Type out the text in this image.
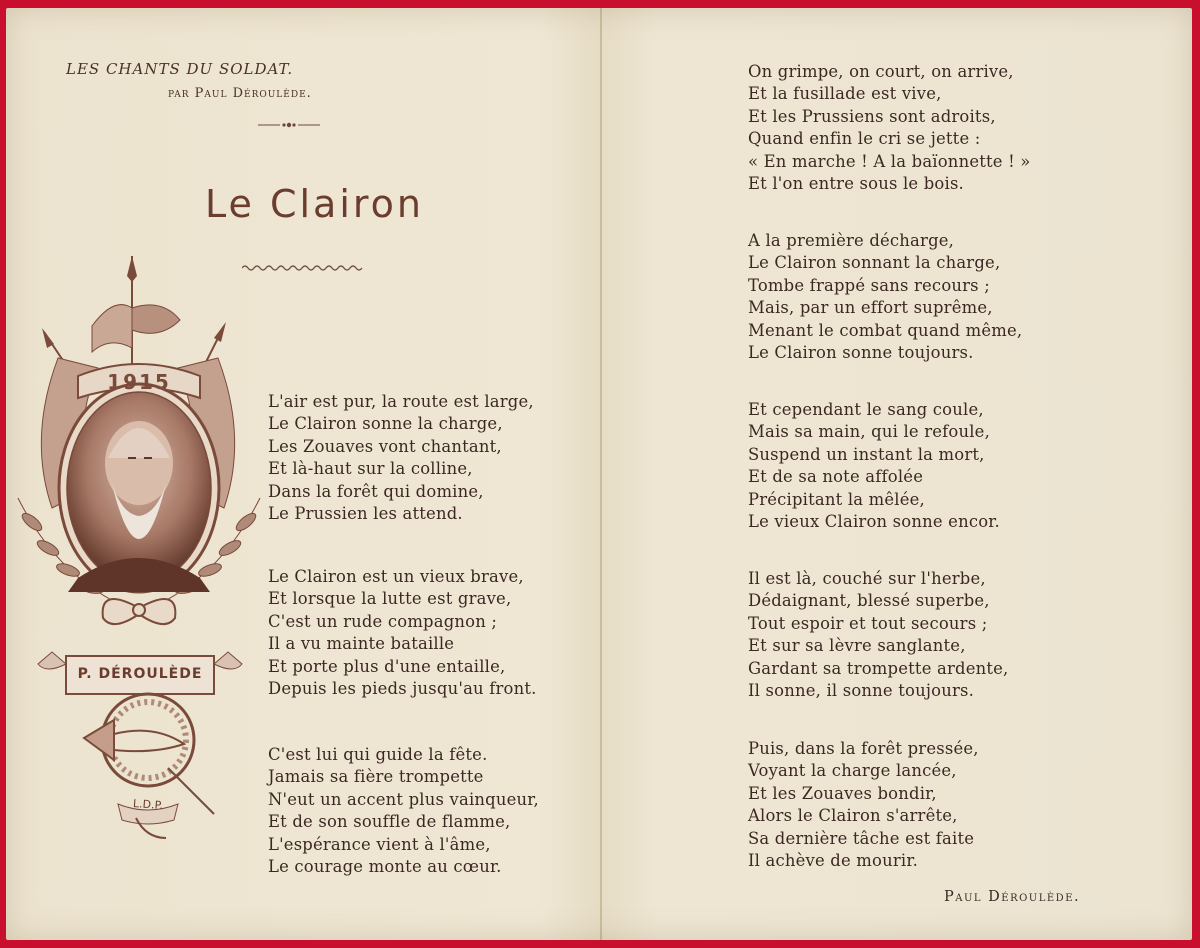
LES CHANTS DU SOLDAT.

par Paul Déroulède.
Le Clairon
1915
P. DÉROULÈDE
L.D.P.
L'air est pur, la route est large,
Le Clairon sonne la charge,
Les Zouaves vont chantant,
Et là-haut sur la colline,
Dans la forêt qui domine,
Le Prussien les attend.
Le Clairon est un vieux brave,
Et lorsque la lutte est grave,
C'est un rude compagnon ;
Il a vu mainte bataille
Et porte plus d'une entaille,
Depuis les pieds jusqu'au front.
C'est lui qui guide la fête.
Jamais sa fière trompette
N'eut un accent plus vainqueur,
Et de son souffle de flamme,
L'espérance vient à l'âme,
Le courage monte au cœur.
On grimpe, on court, on arrive,
Et la fusillade est vive,
Et les Prussiens sont adroits,
Quand enfin le cri se jette :
« En marche ! A la baïonnette ! »
Et l'on entre sous le bois.
A la première décharge,
Le Clairon sonnant la charge,
Tombe frappé sans recours ;
Mais, par un effort suprême,
Menant le combat quand même,
Le Clairon sonne toujours.
Et cependant le sang coule,
Mais sa main, qui le refoule,
Suspend un instant la mort,
Et de sa note affolée
Précipitant la mêlée,
Le vieux Clairon sonne encor.
Il est là, couché sur l'herbe,
Dédaignant, blessé superbe,
Tout espoir et tout secours ;
Et sur sa lèvre sanglante,
Gardant sa trompette ardente,
Il sonne, il sonne toujours.
Puis, dans la forêt pressée,
Voyant la charge lancée,
Et les Zouaves bondir,
Alors le Clairon s'arrête,
Sa dernière tâche est faite
Il achève de mourir.
Paul Déroulède.
